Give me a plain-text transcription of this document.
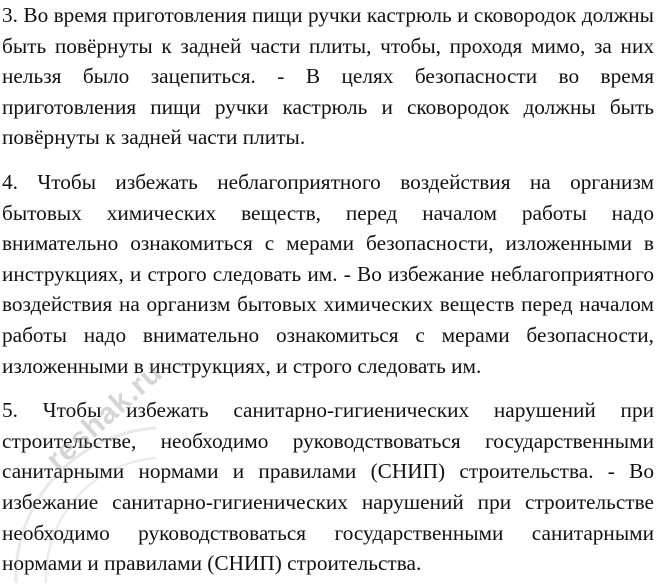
3. Во время приготовления пищи ручки кастрюль и сковородок должны быть повёрнуты к задней части плиты, чтобы, проходя мимо, за них нельзя было зацепиться. - В целях безопасности во время приготовления пищи ручки кастрюль и сковородок должны быть повёрнуты к задней части плиты.

4. Чтобы избежать неблагоприятного воздействия на организм бытовых химических веществ, перед началом работы надо внимательно ознакомиться с мерами безопасности, изложенными в инструкциях, и строго следовать им. - Во избежание неблагоприятного воздействия на организм бытовых химических веществ перед началом работы надо внимательно ознакомиться с мерами безопасности, изложенными в инструкциях, и строго следовать им.

5. Чтобы избежать санитарно-гигиенических нарушений при строительстве, необходимо руководствоваться государственными санитарными нормами и правилами (СНИП) строительства. - Во избежание санитарно-гигиенических нарушений при строительстве необходимо руководствоваться государственными санитарными нормами и правилами (СНИП) строительства.

reshak.ru
